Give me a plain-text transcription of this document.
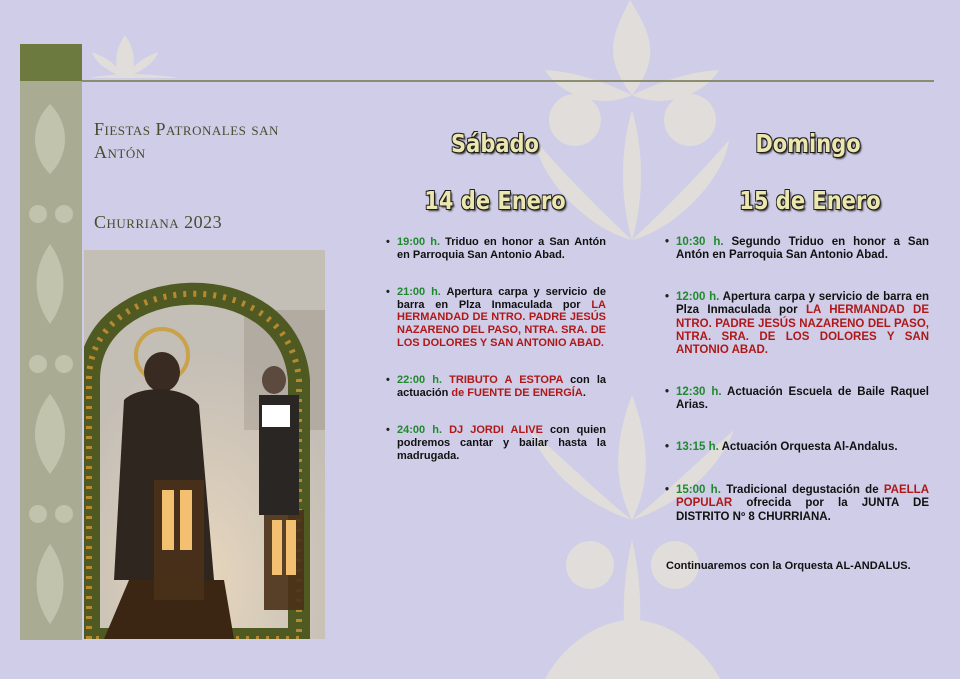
Fiestas Patronales san Antón
Churriana 2023
Sábado
14 de Enero

• 19:00 h. Triduo en honor a San Antón en Parroquia San Antonio Abad.

• 21:00 h. Apertura carpa y servicio de barra en Plza Inmaculada por LA HERMANDAD DE NTRO. PADRE JESÚS NAZARENO DEL PASO, NTRA. SRA. DE LOS DOLORES Y SAN ANTONIO ABAD.

• 22:00 h. TRIBUTO A ESTOPA con la actuación de FUENTE DE ENERGÍA.

• 24:00 h. DJ JORDI ALIVE con quien podremos cantar y bailar hasta la madrugada.

Domingo
15 de Enero

• 10:30 h. Segundo Triduo en honor a San Antón en Parroquia San Antonio Abad.

• 12:00 h. Apertura carpa y servicio de barra en Plza Inmaculada por LA HERMANDAD DE NTRO. PADRE JESÚS NAZARENO DEL PASO, NTRA. SRA. DE LOS DOLORES Y SAN ANTONIO ABAD.

• 12:30 h. Actuación Escuela de Baile Raquel Arias.

• 13:15 h. Actuación Orquesta Al-Andalus.

• 15:00 h. Tradicional degustación de PAELLA POPULAR ofrecida por la JUNTA DE DISTRITO Nº 8 CHURRIANA.

Continuaremos con la Orquesta AL-ANDALUS.
